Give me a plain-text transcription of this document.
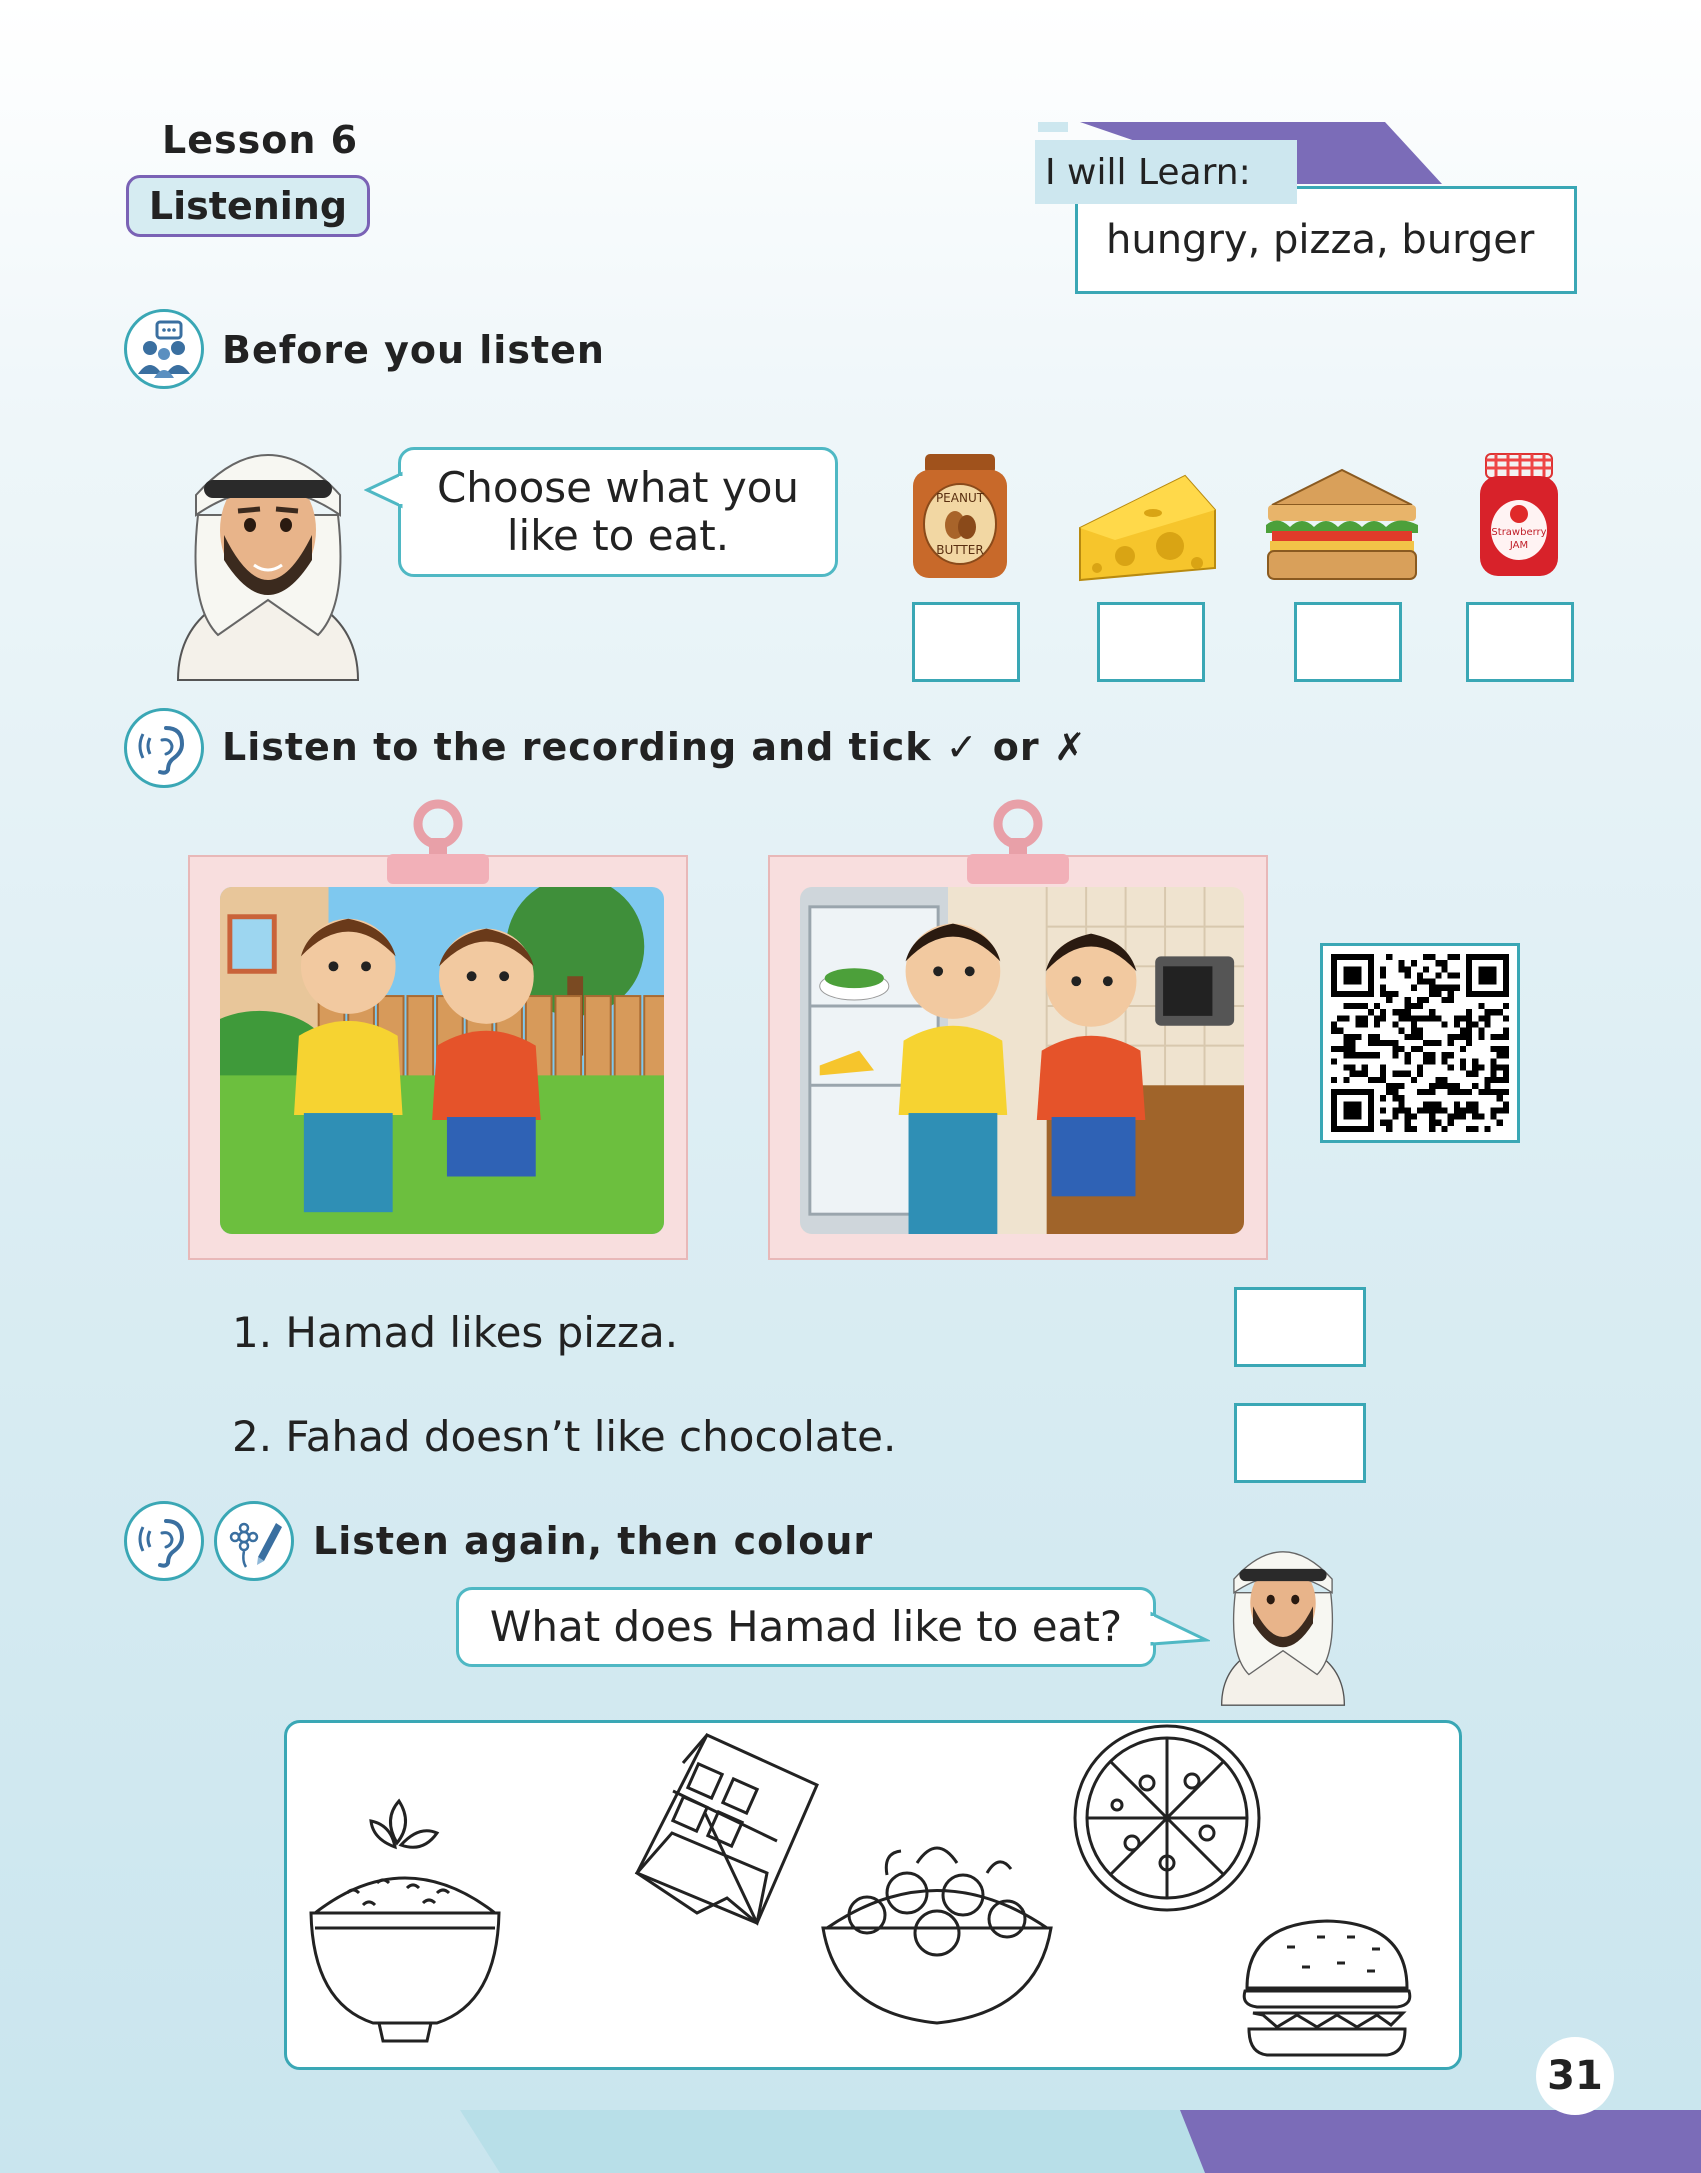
Lesson 6
Listening
hungry, pizza, burger
I will Learn:
Before you listen
Choose what you like to eat.
PEANUT
BUTTER
Strawberry
JAM
Listen to the recording and tick ✓ or ✗
1. Hamad likes pizza.
2. Fahad doesn’t like chocolate.
Listen again, then colour
What does Hamad like to eat?
31
